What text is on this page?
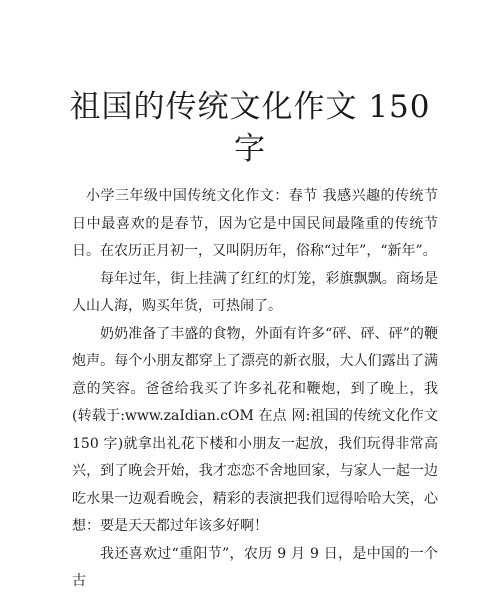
祖国的传统文化作文 150 字

小学三年级中国传统文化作文：春节 我感兴趣的传统节日中最喜欢的是春节，因为它是中国民间最隆重的传统节日。在农历正月初一，又叫阴历年，俗称“过年”，“新年”。

每年过年，街上挂满了红红的灯笼，彩旗飘飘。商场是人山人海，购买年货，可热闹了。

奶奶准备了丰盛的食物，外面有许多“砰、砰、砰”的鞭炮声。每个小朋友都穿上了漂亮的新衣服，大人们露出了满意的笑容。爸爸给我买了许多礼花和鞭炮，到了晚上，我(转载于:www.zaIdian.cOM 在点 网:祖国的传统文化作文 150 字)就拿出礼花下楼和小朋友一起放，我们玩得非常高兴，到了晚会开始，我才恋恋不舍地回家，与家人一起一边吃水果一边观看晚会，精彩的表演把我们逗得哈哈大笑，心想：要是天天都过年该多好啊！

我还喜欢过“重阳节”，农历 9 月 9 日，是中国的一个古
